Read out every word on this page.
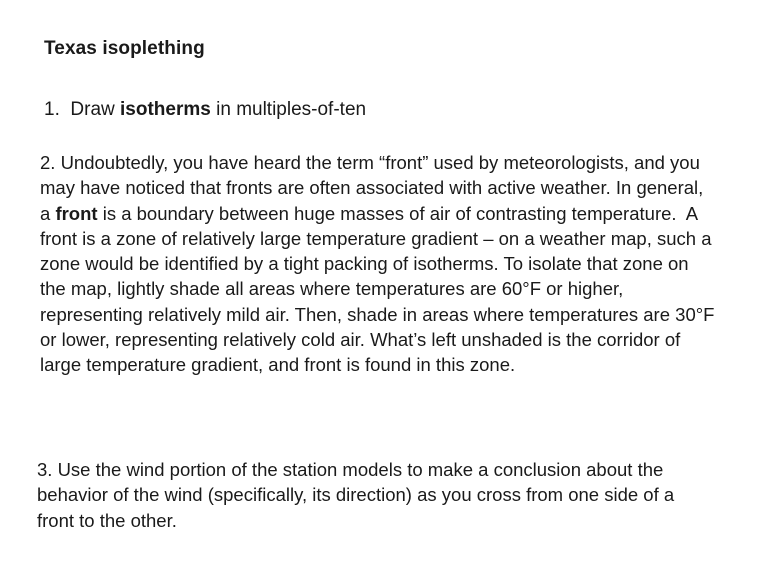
Texas isoplething
1.  Draw isotherms in multiples-of-ten
2. Undoubtedly, you have heard the term “front” used by meteorologists, and you
may have noticed that fronts are often associated with active weather. In general,
a front is a boundary between huge masses of air of contrasting temperature.  A
front is a zone of relatively large temperature gradient – on a weather map, such a
zone would be identified by a tight packing of isotherms. To isolate that zone on
the map, lightly shade all areas where temperatures are 60°F or higher,
representing relatively mild air. Then, shade in areas where temperatures are 30°F
or lower, representing relatively cold air. What’s left unshaded is the corridor of
large temperature gradient, and front is found in this zone.
3. Use the wind portion of the station models to make a conclusion about the
behavior of the wind (specifically, its direction) as you cross from one side of a
front to the other.
